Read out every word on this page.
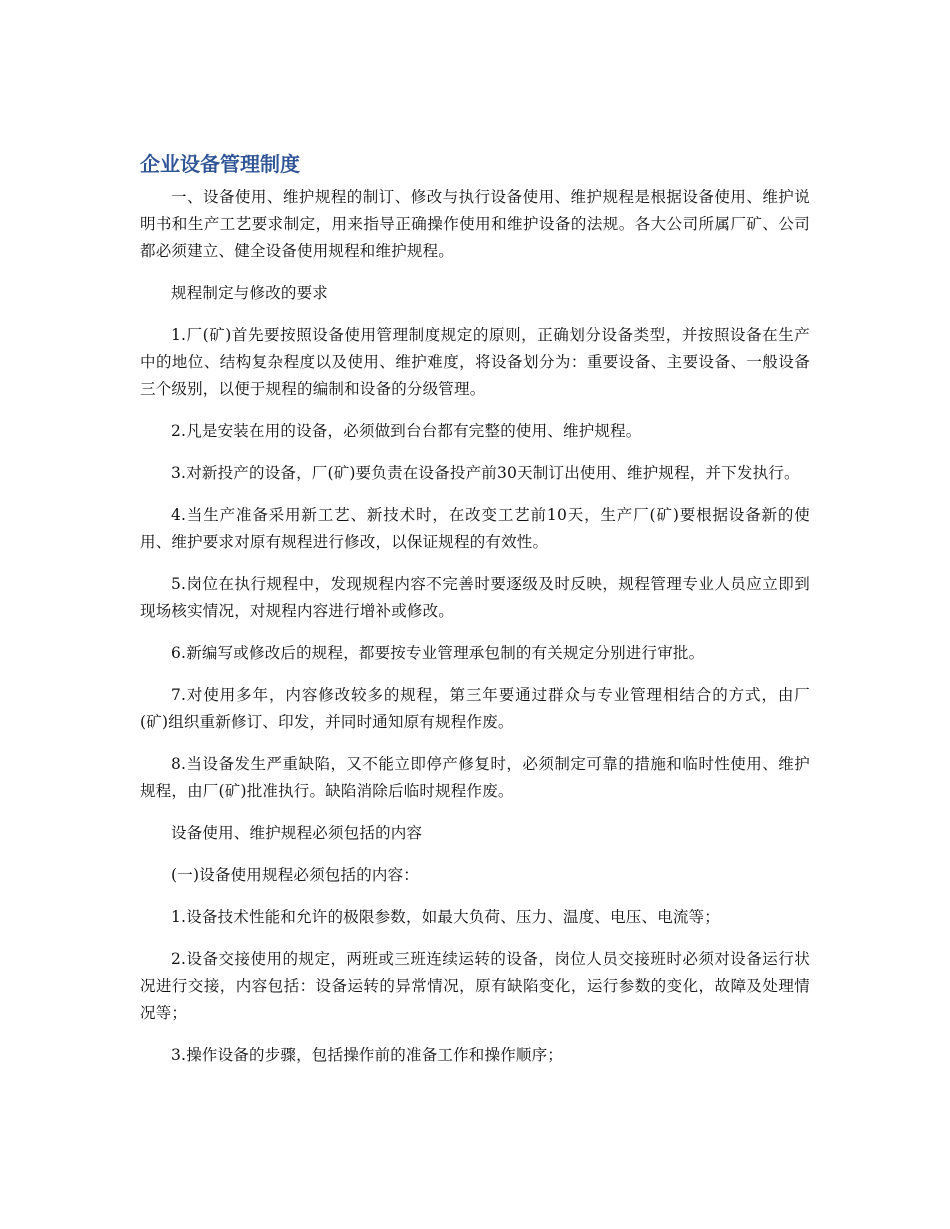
企业设备管理制度

一、设备使用、维护规程的制订、修改与执行设备使用、维护规程是根据设备使用、维护说明书和生产工艺要求制定，用来指导正确操作使用和维护设备的法规。各大公司所属厂矿、公司都必须建立、健全设备使用规程和维护规程。

规程制定与修改的要求

1.厂(矿)首先要按照设备使用管理制度规定的原则，正确划分设备类型，并按照设备在生产中的地位、结构复杂程度以及使用、维护难度，将设备划分为：重要设备、主要设备、一般设备三个级别，以便于规程的编制和设备的分级管理。

2.凡是安装在用的设备，必须做到台台都有完整的使用、维护规程。

3.对新投产的设备，厂(矿)要负责在设备投产前30天制订出使用、维护规程，并下发执行。

4.当生产准备采用新工艺、新技术时，在改变工艺前10天，生产厂(矿)要根据设备新的使用、维护要求对原有规程进行修改，以保证规程的有效性。

5.岗位在执行规程中，发现规程内容不完善时要逐级及时反映，规程管理专业人员应立即到现场核实情况，对规程内容进行增补或修改。

6.新编写或修改后的规程，都要按专业管理承包制的有关规定分别进行审批。

7.对使用多年，内容修改较多的规程，第三年要通过群众与专业管理相结合的方式，由厂(矿)组织重新修订、印发，并同时通知原有规程作废。

8.当设备发生严重缺陷，又不能立即停产修复时，必须制定可靠的措施和临时性使用、维护规程，由厂(矿)批准执行。缺陷消除后临时规程作废。

设备使用、维护规程必须包括的内容

(一)设备使用规程必须包括的内容：

1.设备技术性能和允许的极限参数，如最大负荷、压力、温度、电压、电流等；

2.设备交接使用的规定，两班或三班连续运转的设备，岗位人员交接班时必须对设备运行状况进行交接，内容包括：设备运转的异常情况，原有缺陷变化，运行参数的变化，故障及处理情况等；

3.操作设备的步骤，包括操作前的准备工作和操作顺序；
